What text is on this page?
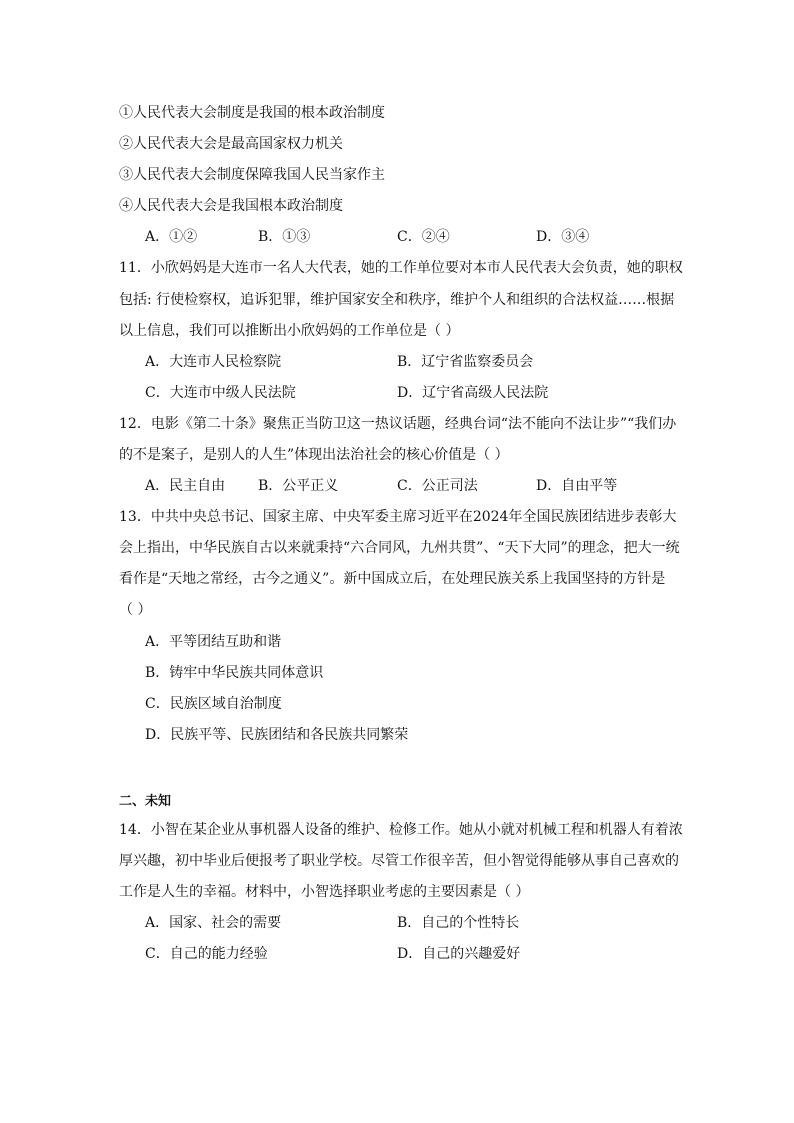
①人民代表大会制度是我国的根本政治制度
②人民代表大会是最高国家权力机关
③人民代表大会制度保障我国人民当家作主
④人民代表大会是我国根本政治制度
A．①②	B．①③	C．②④	D．③④
11．小欣妈妈是大连市一名人大代表，她的工作单位要对本市人民代表大会负责，她的职权
包括: 行使检察权，追诉犯罪，维护国家安全和秩序，维护个人和组织的合法权益……根据
以上信息，我们可以推断出小欣妈妈的工作单位是（ ）
A．大连市人民检察院	B．辽宁省监察委员会
C．大连市中级人民法院	D．辽宁省高级人民法院
12．电影《第二十条》聚焦正当防卫这一热议话题，经典台词“法不能向不法让步”“我们办
的不是案子，是别人的人生”体现出法治社会的核心价值是（ ）
A．民主自由 B．公平正义	C．公正司法	D．自由平等
13．中共中央总书记、国家主席、中央军委主席习近平在2024年全国民族团结进步表彰大
会上指出，中华民族自古以来就秉持“六合同风，九州共贯”、“天下大同”的理念，把大一统
看作是“天地之常经，古今之通义”。新中国成立后，在处理民族关系上我国坚持的方针是
（ ）
A．平等团结互助和谐
B．铸牢中华民族共同体意识
C．民族区域自治制度
D．民族平等、民族团结和各民族共同繁荣
二、未知
14．小智在某企业从事机器人设备的维护、检修工作。她从小就对机械工程和机器人有着浓
厚兴趣，初中毕业后便报考了职业学校。尽管工作很辛苦，但小智觉得能够从事自己喜欢的
工作是人生的幸福。材料中，小智选择职业考虑的主要因素是（ ）
A．国家、社会的需要	B．自己的个性特长
C．自己的能力经验	D．自己的兴趣爱好
